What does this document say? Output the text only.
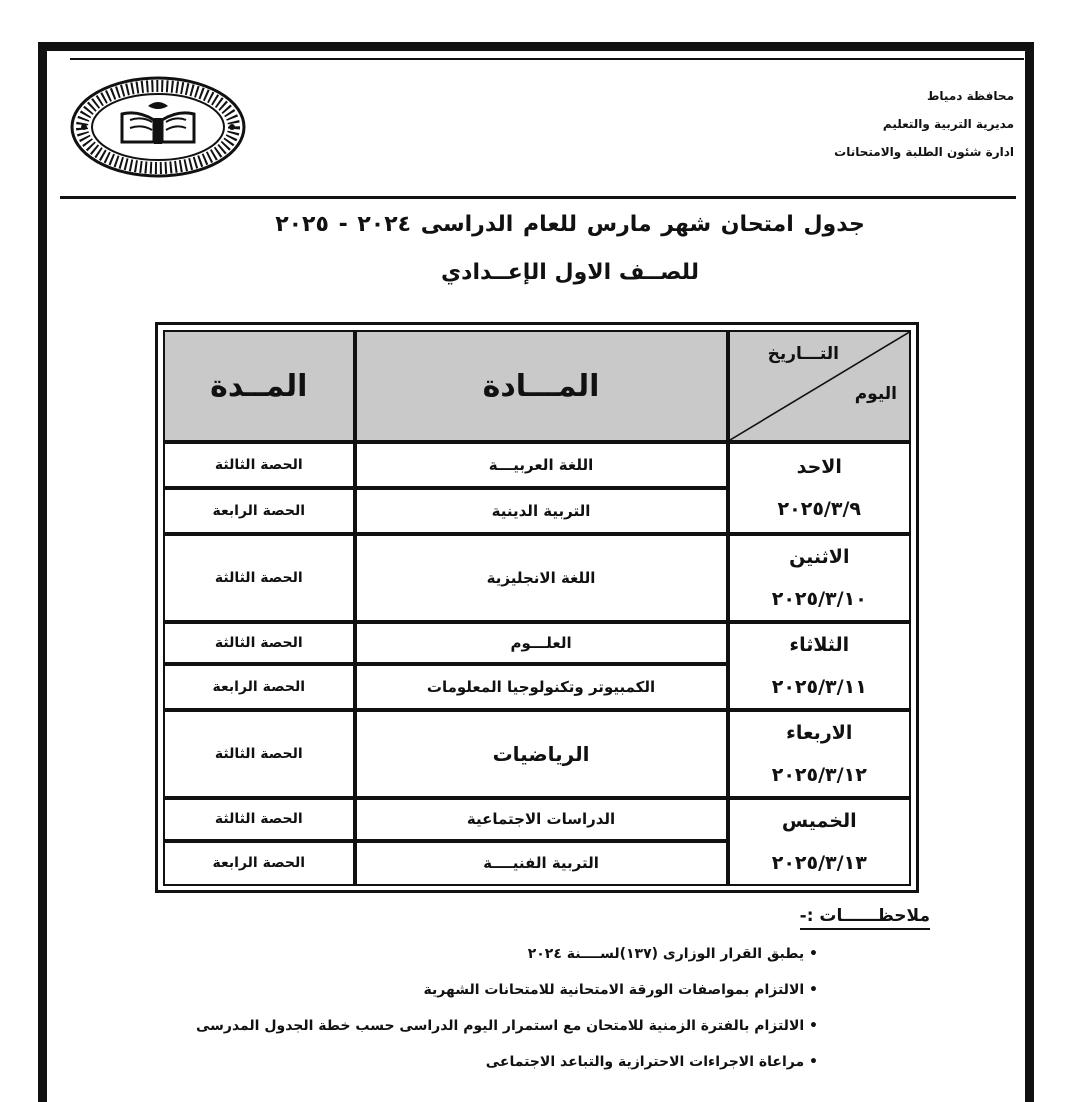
محافظة دمياط
مديرية التربية والتعليم
ادارة شئون الطلبة والامتحانات
جدول امتحان شهر مارس للعام الدراسى ٢٠٢٤ - ٢٠٢٥
للصــف الاول الإعــدادي
التـــاريخ
اليوم	المـــادة	المــدة

الاحد
٢٠٢٥/٣/٩	اللغة العربيـــة	الحصة الثالثة
	التربية الدينية	الحصة الرابعة

الاثنين
٢٠٢٥/٣/١٠	اللغة الانجليزية	الحصة الثالثة

الثلاثاء
٢٠٢٥/٣/١١	العلـــوم	الحصة الثالثة
	الكمبيوتر وتكنولوجيا المعلومات	الحصة الرابعة

الاربعاء
٢٠٢٥/٣/١٢	الرياضيات	الحصة الثالثة

الخميس
٢٠٢٥/٣/١٣	الدراسات الاجتماعية	الحصة الثالثة
	التربية الفنيــــة	الحصة الرابعة
ملاحظــــــات :-
• يطبق القرار الوزارى (١٣٧)لســــنة ٢٠٢٤
• الالتزام بمواصفات الورقة الامتحانية للامتحانات الشهرية
• الالتزام بالفترة الزمنية للامتحان مع استمرار اليوم الدراسى حسب خطة الجدول المدرسى
• مراعاة الاجراءات الاحترازية والتباعد الاجتماعى
